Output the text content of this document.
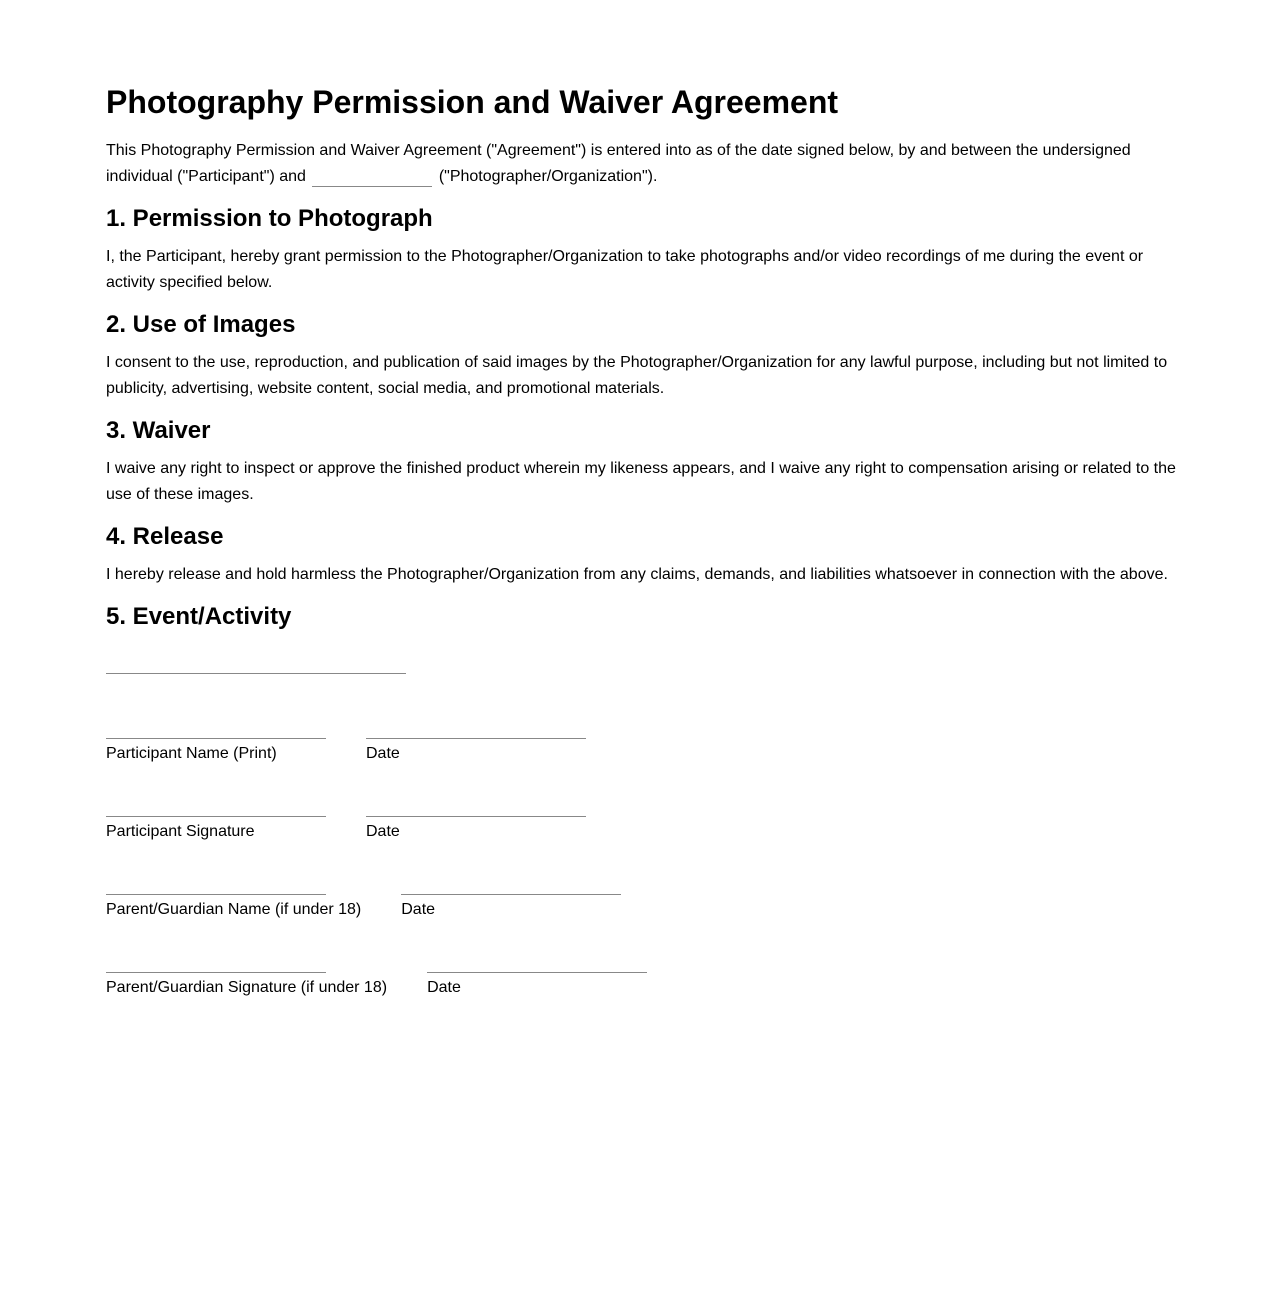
Photography Permission and Waiver Agreement

This Photography Permission and Waiver Agreement ("Agreement") is entered into as of the date signed below, by and between the undersigned individual ("Participant") and	("Photographer/Organization").

1. Permission to Photograph

I, the Participant, hereby grant permission to the Photographer/Organization to take photographs and/or video recordings of me during the event or activity specified below.

2. Use of Images

I consent to the use, reproduction, and publication of said images by the Photographer/Organization for any lawful purpose, including but not limited to publicity, advertising, website content, social media, and promotional materials.

3. Waiver

I waive any right to inspect or approve the finished product wherein my likeness appears, and I waive any right to compensation arising or related to the use of these images.

4. Release

I hereby release and hold harmless the Photographer/Organization from any claims, demands, and liabilities whatsoever in connection with the above.

5. Event/Activity
Participant Name (Print)	Date
Participant Signature	Date
Parent/Guardian Name (if under 18)	Date
Parent/Guardian Signature (if under 18)	Date
